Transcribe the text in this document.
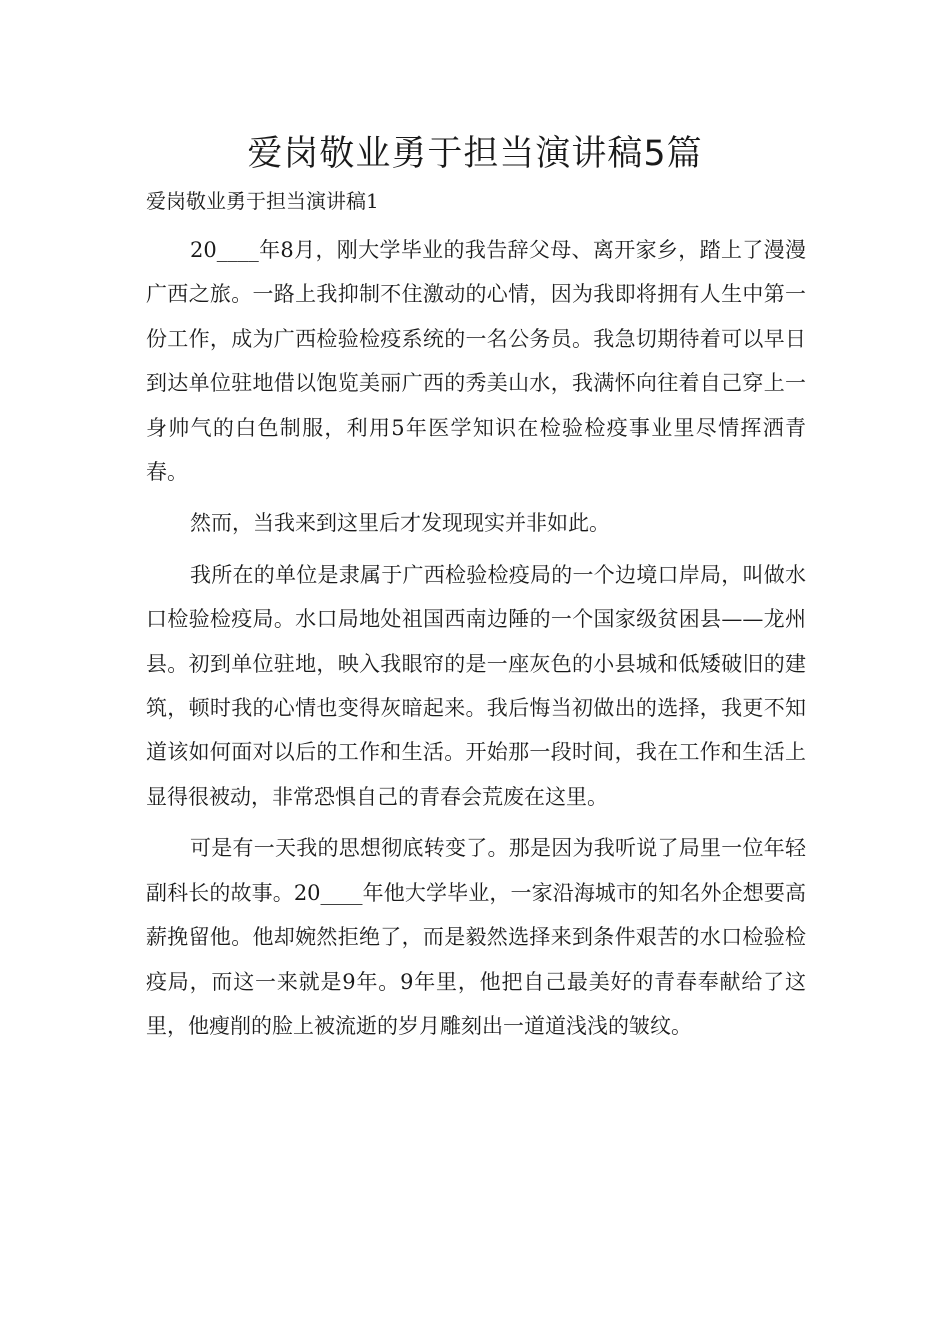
爱岗敬业勇于担当演讲稿5篇

爱岗敬业勇于担当演讲稿1

20____年8月，刚大学毕业的我告辞父母、离开家乡，踏上了漫漫广西之旅。一路上我抑制不住激动的心情，因为我即将拥有人生中第一份工作，成为广西检验检疫系统的一名公务员。我急切期待着可以早日到达单位驻地借以饱览美丽广西的秀美山水，我满怀向往着自己穿上一身帅气的白色制服，利用5年医学知识在检验检疫事业里尽情挥洒青春。

然而，当我来到这里后才发现现实并非如此。

我所在的单位是隶属于广西检验检疫局的一个边境口岸局，叫做水口检验检疫局。水口局地处祖国西南边陲的一个国家级贫困县——龙州县。初到单位驻地，映入我眼帘的是一座灰色的小县城和低矮破旧的建筑，顿时我的心情也变得灰暗起来。我后悔当初做出的选择，我更不知道该如何面对以后的工作和生活。开始那一段时间，我在工作和生活上显得很被动，非常恐惧自己的青春会荒废在这里。

可是有一天我的思想彻底转变了。那是因为我听说了局里一位年轻副科长的故事。20____年他大学毕业，一家沿海城市的知名外企想要高薪挽留他。他却婉然拒绝了，而是毅然选择来到条件艰苦的水口检验检疫局，而这一来就是9年。9年里，他把自己最美好的青春奉献给了这里，他瘦削的脸上被流逝的岁月雕刻出一道道浅浅的皱纹。
